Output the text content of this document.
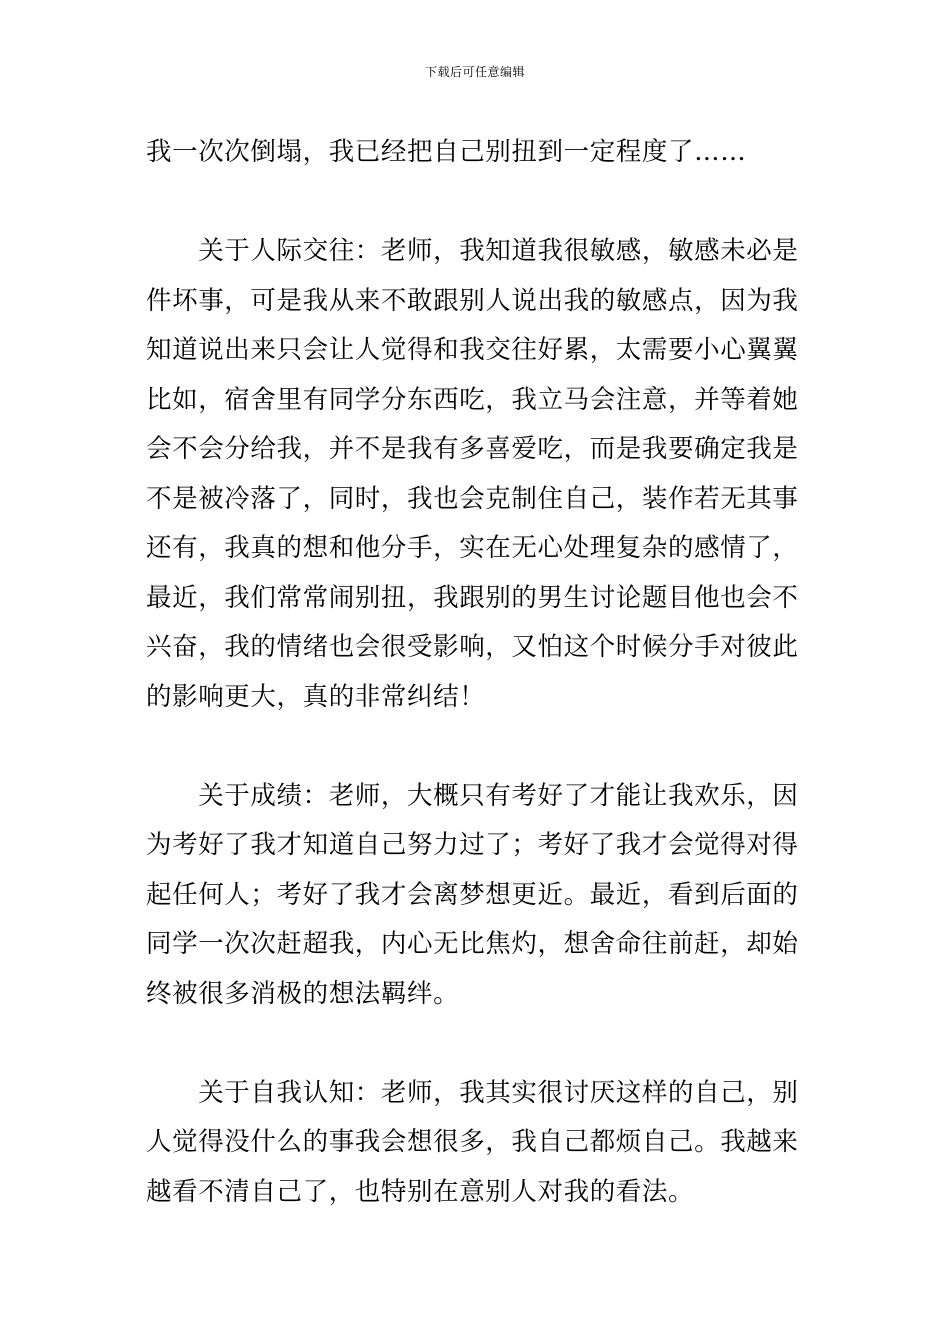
下载后可任意编辑

我一次次倒塌，我已经把自己别扭到一定程度了……

　　关于人际交往：老师，我知道我很敏感，敏感未必是
件坏事，可是我从来不敢跟别人说出我的敏感点，因为我
知道说出来只会让人觉得和我交往好累，太需要小心翼翼
比如，宿舍里有同学分东西吃，我立马会注意，并等着她
会不会分给我，并不是我有多喜爱吃，而是我要确定我是
不是被冷落了，同时，我也会克制住自己，装作若无其事
还有，我真的想和他分手，实在无心处理复杂的感情了，
最近，我们常常闹别扭，我跟别的男生讨论题目他也会不
兴奋，我的情绪也会很受影响，又怕这个时候分手对彼此
的影响更大，真的非常纠结！

　　关于成绩：老师，大概只有考好了才能让我欢乐，因
为考好了我才知道自己努力过了；考好了我才会觉得对得
起任何人；考好了我才会离梦想更近。最近，看到后面的
同学一次次赶超我，内心无比焦灼，想舍命往前赶，却始
终被很多消极的想法羁绊。

　　关于自我认知：老师，我其实很讨厌这样的自己，别
人觉得没什么的事我会想很多，我自己都烦自己。我越来
越看不清自己了，也特别在意别人对我的看法。
